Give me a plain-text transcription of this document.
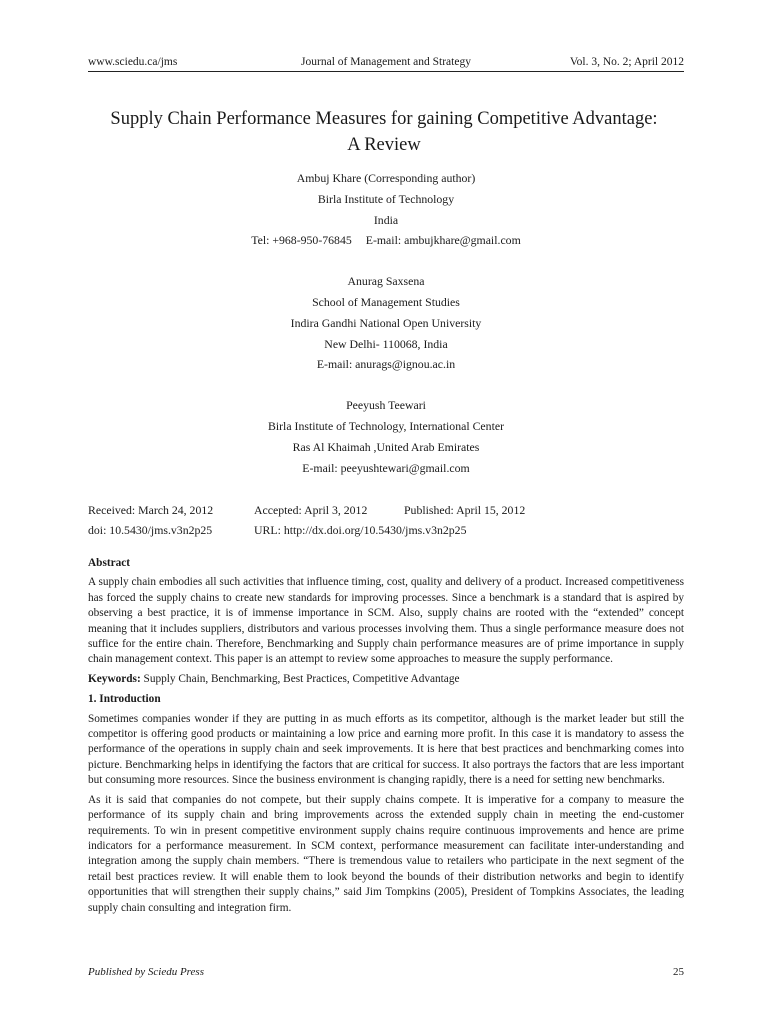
www.sciedu.ca/jms	Journal of Management and Strategy	Vol. 3, No. 2; April 2012
Supply Chain Performance Measures for gaining Competitive Advantage:
A Review
Ambuj Khare (Corresponding author)
Birla Institute of Technology
India
Tel: +968-950-76845 E-mail: ambujkhare@gmail.com
Anurag Saxsena
School of Management Studies
Indira Gandhi National Open University
New Delhi- 110068, India
E-mail: anurags@ignou.ac.in
Peeyush Teewari
Birla Institute of Technology, International Center
Ras Al Khaimah ,United Arab Emirates
E-mail: peeyushtewari@gmail.com
Received: March 24, 2012	Accepted: April 3, 2012	Published: April 15, 2012
doi: 10.5430/jms.v3n2p25	URL: http://dx.doi.org/10.5430/jms.v3n2p25
Abstract

A supply chain embodies all such activities that influence timing, cost, quality and delivery of a product. Increased competitiveness has forced the supply chains to create new standards for improving processes. Since a benchmark is a standard that is aspired by observing a best practice, it is of immense importance in SCM. Also, supply chains are rooted with the “extended” concept meaning that it includes suppliers, distributors and various processes involving them. Thus a single performance measure does not suffice for the entire chain. Therefore, Benchmarking and Supply chain performance measures are of prime importance in supply chain management context. This paper is an attempt to review some approaches to measure the supply performance.

Keywords: Supply Chain, Benchmarking, Best Practices, Competitive Advantage

1. Introduction

Sometimes companies wonder if they are putting in as much efforts as its competitor, although is the market leader but still the competitor is offering good products or maintaining a low price and earning more profit. In this case it is mandatory to assess the performance of the operations in supply chain and seek improvements. It is here that best practices and benchmarking comes into picture. Benchmarking helps in identifying the factors that are critical for success. It also portrays the factors that are less important but consuming more resources. Since the business environment is changing rapidly, there is a need for setting new benchmarks.

As it is said that companies do not compete, but their supply chains compete. It is imperative for a company to measure the performance of its supply chain and bring improvements across the extended supply chain in meeting the end-customer requirements. To win in present competitive environment supply chains require continuous improvements and hence are prime indicators for a performance measurement. In SCM context, performance measurement can facilitate inter-understanding and integration among the supply chain members. “There is tremendous value to retailers who participate in the next segment of the retail best practices review. It will enable them to look beyond the bounds of their distribution networks and begin to identify opportunities that will strengthen their supply chains,” said Jim Tompkins (2005), President of Tompkins Associates, the leading supply chain consulting and integration firm.

Published by Sciedu Press	25
